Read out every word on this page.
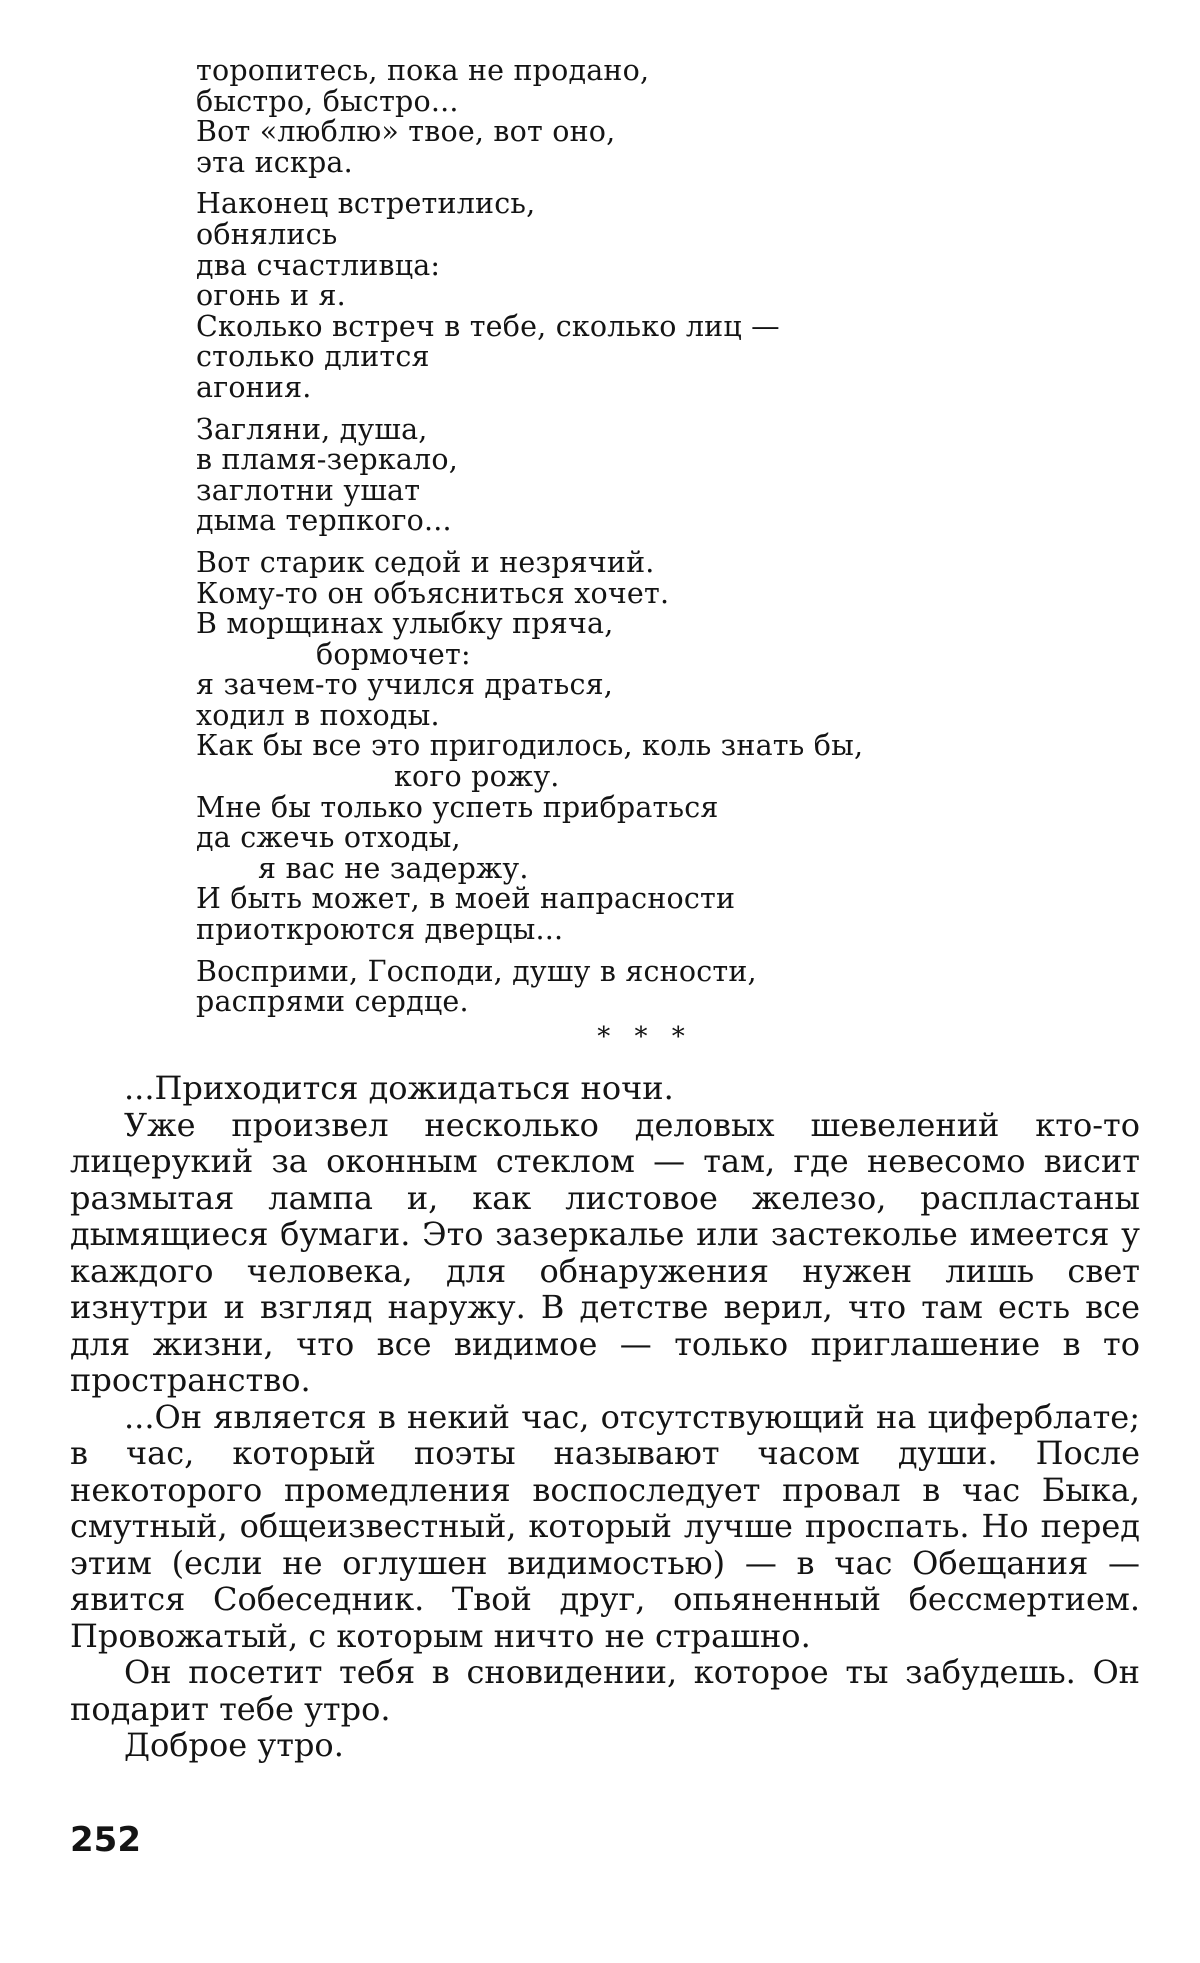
торопитесь, пока не продано,
быстро, быстро...
Вот «люблю» твое, вот оно,
эта искра.
Наконец встретились,
обнялись
два счастливца:
огонь и я.
Сколько встреч в тебе, сколько лиц —
столько длится
агония.
Загляни, душа,
в пламя-зеркало,
заглотни ушат
дыма терпкого...
Вот старик седой и незрячий.
Кому-то он объясниться хочет.
В морщинах улыбку пряча,
бормочет:
я зачем-то учился драться,
ходил в походы.
Как бы все это пригодилось, коль знать бы,
кого рожу.
Мне бы только успеть прибраться
да сжечь отходы,
я вас не задержу.
И быть может, в моей напрасности
приоткроются дверцы...
Восприми, Господи, душу в ясности,
распрями сердце.
* * *

...Приходится дожидаться ночи.

Уже произвел несколько деловых шевелений кто-то лицерукий за оконным стеклом — там, где невесомо висит размытая лампа и, как листовое железо, распластаны дымящиеся бумаги. Это зазеркалье или застеколье имеется у каждого человека, для обнаружения нужен лишь свет изнутри и взгляд наружу. В детстве верил, что там есть все для жизни, что все видимое — только приглашение в то пространство.

...Он является в некий час, отсутствующий на циферблате; в час, который поэты называют часом души. После некоторого промедления воспоследует провал в час Быка, смутный, общеизвестный, который лучше проспать. Но перед этим (если не оглушен видимостью) — в час Обещания — явится Собеседник. Твой друг, опьяненный бессмертием. Провожатый, с которым ничто не страшно.

Он посетит тебя в сновидении, которое ты забудешь. Он подарит тебе утро.

Доброе утро.

252
